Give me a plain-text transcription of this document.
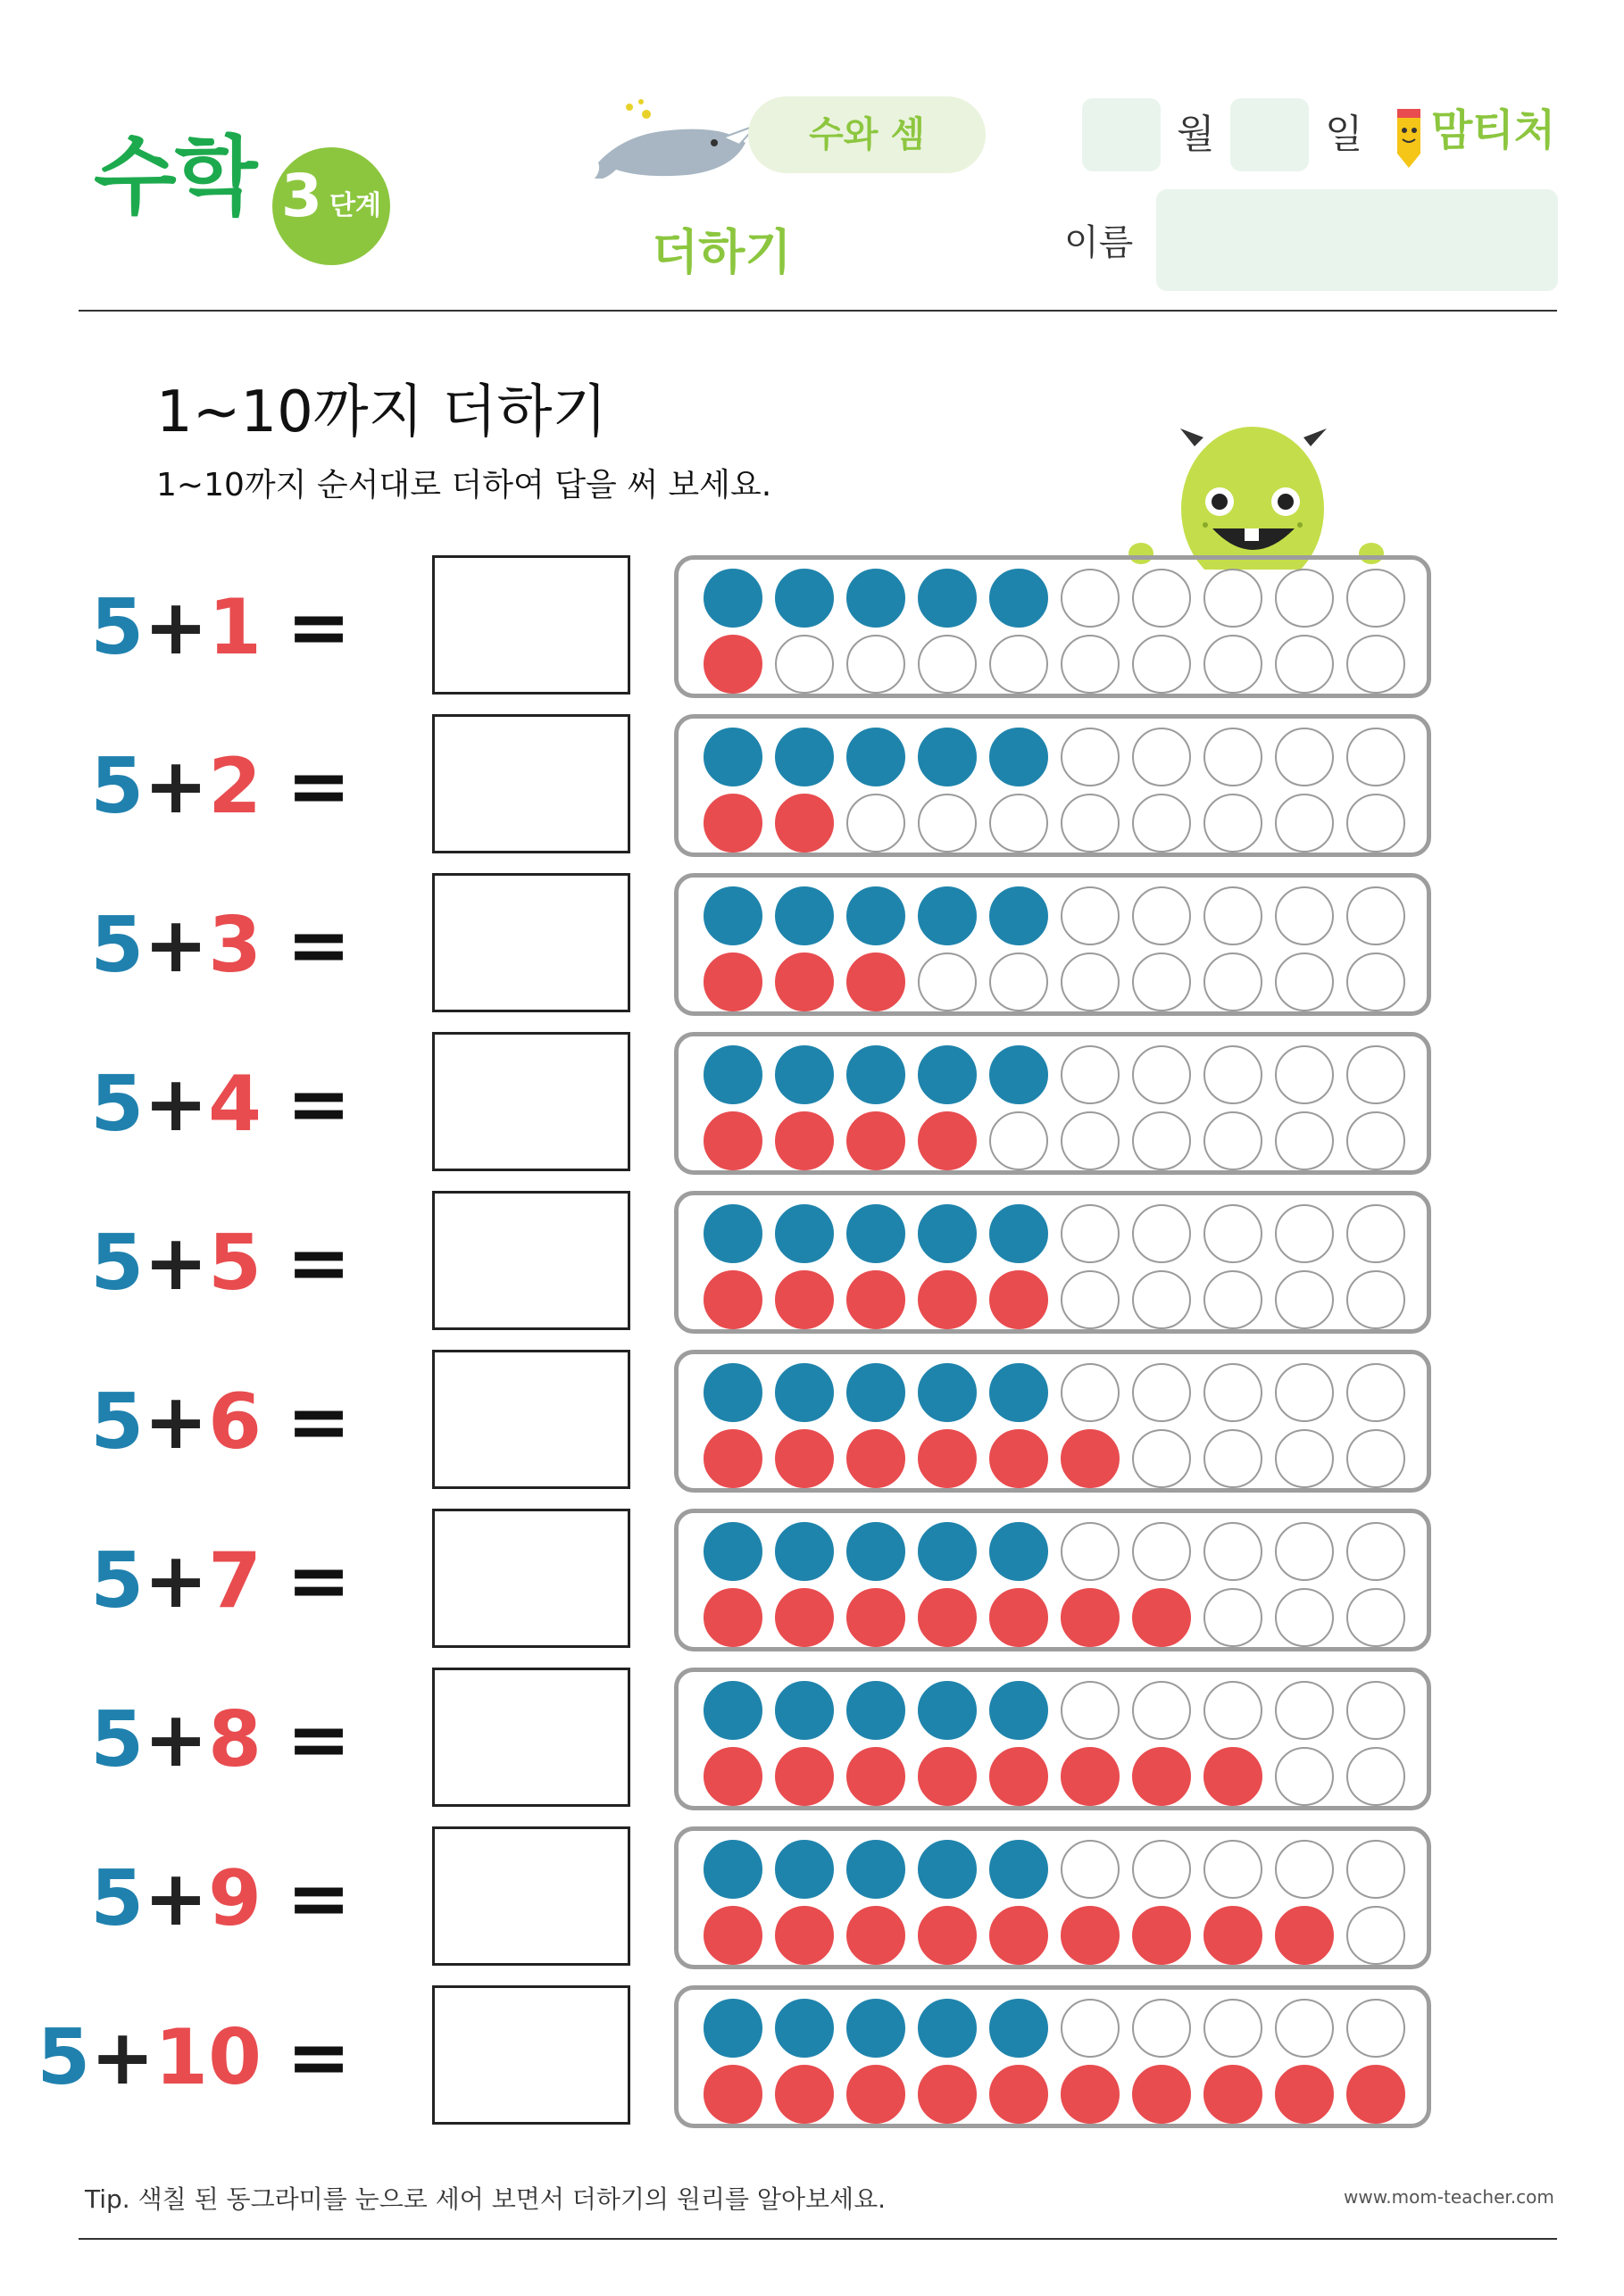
수학 3 단계
수와 셈
더하기
월	일 맘티처
이름
1~10까지 더하기
1~10까지 순서대로 더하여 답을 써 보세요.
5+1 =
5+2 =
5+3 =
5+4 =
5+5 =
5+6 =
5+7 =
5+8 =
5+9 =
5+10 =
Tip. 색칠 된 동그라미를 눈으로 세어 보면서 더하기의 원리를 알아보세요.	www.mom-teacher.com
